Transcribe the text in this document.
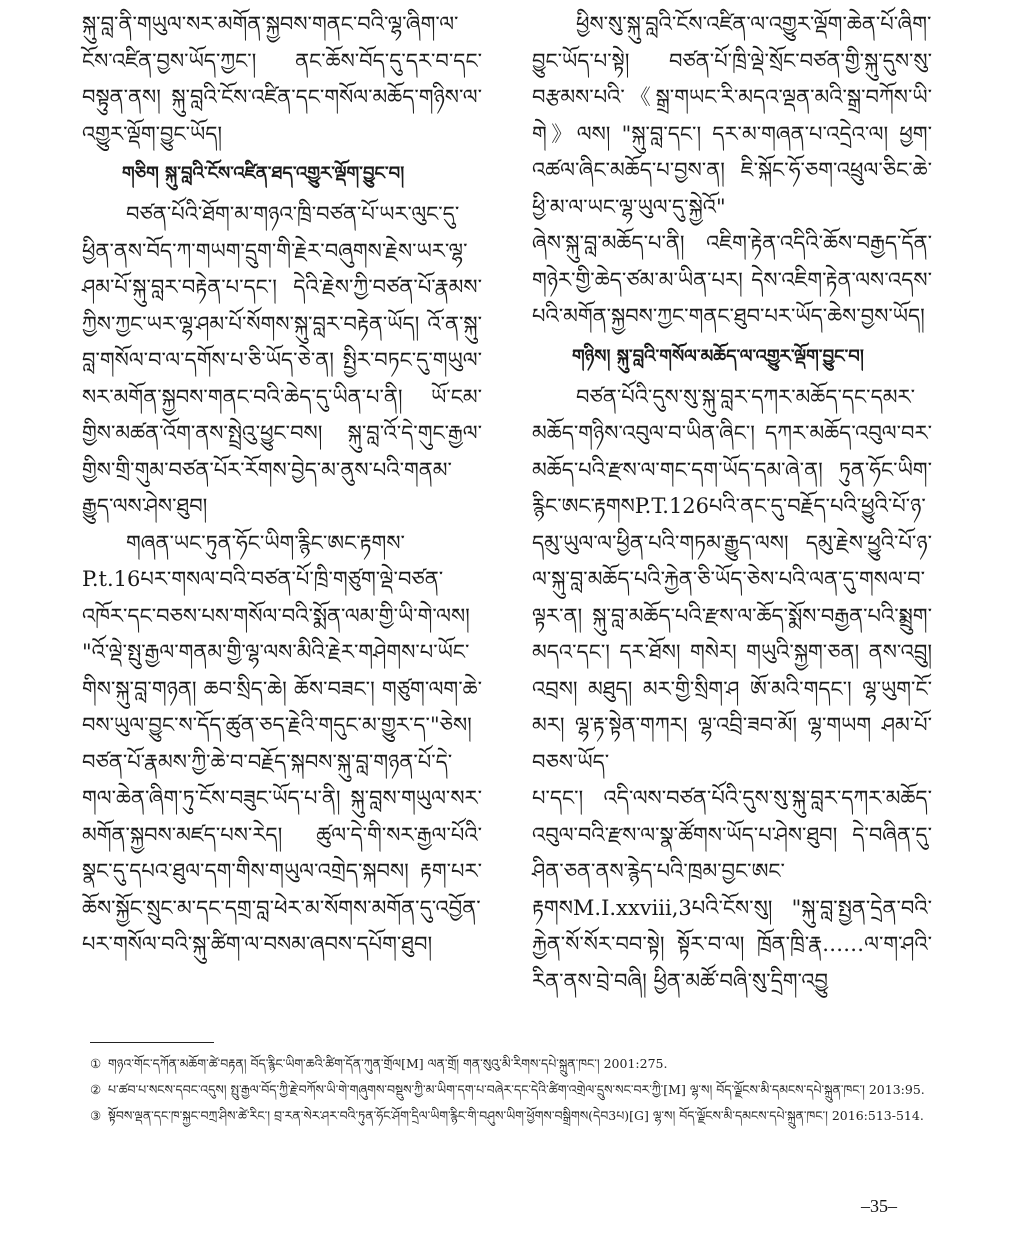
སྐུ་བླ་ནི་གཡུལ་སར་མགོན་སྐྱབས་གནང་བའི་ལྷ་ཞིག་ལ་ངོས་འཛིན་བྱས་ཡོད་ཀྱང་། ནང་ཆོས་བོད་དུ་དར་བ་དང་བསྟུན་ནས། སྐུ་བླའི་ངོས་འཛིན་དང་གསོལ་མཆོད་གཉིས་ལ་འགྱུར་ལྡོག་བྱུང་ཡོད།

གཅིག སྐུ་བླའི་ངོས་འཛིན་ཐད་འགྱུར་ལྡོག་བྱུང་བ།

བཙན་པོའི་ཐོག་མ་གཉའ་ཁྲི་བཙན་པོ་ཡར་ལུང་དུ་ཕྱིན་ནས་བོད་ཀ་གཡག་དྲུག་གི་རྗེར་བཞུགས་རྗེས་ཡར་ལྷ་ཤམ་པོ་སྐུ་བླར་བརྟེན་པ་དང་། དེའི་རྗེས་ཀྱི་བཙན་པོ་རྣམས་ཀྱིས་ཀྱང་ཡར་ལྷ་ཤམ་པོ་སོགས་སྐུ་བླར་བརྟེན་ཡོད། འོ་ན་སྐུ་བླ་གསོལ་བ་ལ་དགོས་པ་ཅི་ཡོད་ཅེ་ན། སྤྱིར་བཏང་དུ་གཡུལ་སར་མགོན་སྐྱབས་གནང་བའི་ཆེད་དུ་ཡིན་པ་ནི། ཡོ་ངམ་གྱིས་མཚན་འོག་ནས་སྤྲེའུ་ཕྱུང་བས། སྐུ་བླ་འོ་དེ་གུང་རྒྱལ་གྱིས་གྲི་གུམ་བཙན་པོར་རོགས་བྱེད་མ་ནུས་པའི་གནམ་རྒྱུད་ལས་ཤེས་ཐུབ།

གཞན་ཡང་ཏུན་ཧོང་ཡིག་རྙིང་ཨང་རྟགས་P.t.16པར་གསལ་བའི་བཙན་པོ་ཁྲི་གཙུག་ལྡེ་བཙན་འཁོར་དང་བཅས་པས་གསོལ་བའི་སྨོན་ལམ་གྱི་ཡི་གེ་ལས། "འོ་ལྡེ་སྤུ་རྒྱལ་གནམ་གྱི་ལྷ་ལས་མིའི་རྗེར་གཤེགས་པ་ཡོང་གིས་སྐུ་བླ་གཉན། ཆབ་སྲིད་ཆེ། ཆོས་བཟང་། གཙུག་ལག་ཆེ་བས་ཡུལ་བྱུང་ས་དོད་ཚུན་ཅད་རྗེའི་གདུང་མ་གྱུར་ད་"ཅེས། བཙན་པོ་རྣམས་ཀྱི་ཆེ་བ་བརྗོད་སྐབས་སྐུ་བླ་གཉན་པོ་དེ་གལ་ཆེན་ཞིག་ཏུ་ངོས་བཟུང་ཡོད་པ་ནི། སྐུ་བླས་གཡུལ་སར་མགོན་སྐྱབས་མཛད་པས་རེད། ཚུལ་དེ་གི་སར་རྒྱལ་པོའི་སྣང་དུ་དཔའ་ཐུལ་དག་གིས་གཡུལ་འགྲེད་སྐབས། རྟག་པར་ཆོས་སྐྱོང་སྲུང་མ་དང་དགྲ་བླ་ཕེར་མ་སོགས་མགོན་དུ་འབྱོན་པར་གསོལ་བའི་སྐུ་ཚིག་ལ་བསམ་ཞབས་དཔོག་ཐུབ།

ཕྱིས་སུ་སྐུ་བླའི་ངོས་འཛིན་ལ་འགྱུར་ལྡོག་ཆེན་པོ་ཞིག་བྱུང་ཡོད་པ་སྟེ། བཙན་པོ་ཁྲི་ལྡེ་སྲོང་བཙན་གྱི་སྐུ་དུས་སུ་བརྩམས་པའི་《སྒྲ་གཡང་རི་མདའ་ལྡན་མའི་སྒྲ་བཀོས་ཡི་གེ》ལས། "སྐུ་བླ་དང་། དར་མ་གཞན་པ་འདྲེའ་ལ། ཕྱག་འཚལ་ཞིང་མཆོད་པ་བྱས་ན། ཇི་སྐོང་ཧོ་ཅག་འཕྲུལ་ཅིང་ཆེ་ཕྱི་མ་ལ་ཡང་ལྷ་ཡུལ་དུ་སྐྱེའོ"

ཞེས་སྐུ་བླ་མཆོད་པ་ནི། འཇིག་རྟེན་འདིའི་ཆོས་བརྒྱད་དོན་གཉེར་གྱི་ཆེད་ཙམ་མ་ཡིན་པར། དེས་འཇིག་རྟེན་ལས་འདས་པའི་མགོན་སྐྱབས་ཀྱང་གནང་ཐུབ་པར་ཡོད་ཆེས་བྱས་ཡོད།

གཉིས། སྐུ་བླའི་གསོལ་མཆོད་ལ་འགྱུར་ལྡོག་བྱུང་བ།

བཙན་པོའི་དུས་སུ་སྐུ་བླར་དཀར་མཆོད་དང་དམར་མཆོད་གཉིས་འབུལ་བ་ཡིན་ཞིང་། དཀར་མཆོད་འབུལ་བར་མཆོད་པའི་རྫས་ལ་གང་དག་ཡོད་དམ་ཞེ་ན། ཏུན་ཧོང་ཡིག་རྙིང་ཨང་རྟགསP.T.126པའི་ནང་དུ་བརྗོད་པའི་ཕྱུའི་པོ་ཉ་དམུ་ཡུལ་ལ་ཕྱིན་པའི་གཏམ་རྒྱུད་ལས། དམུ་རྗེས་ཕྱུའི་པོ་ཉ་ལ་སྐུ་བླ་མཆོད་པའི་རྐྱེན་ཅི་ཡོད་ཅེས་པའི་ལན་དུ་གསལ་བ་ལྟར་ན། སྐུ་བླ་མཆོད་པའི་རྫས་ལ་ཆོད་སྨོས་བརྒྱན་པའི་སྨྲུག་མདའ་དང་། དར་ཐོས། གསེར། གཡུའི་སྐྱག་ཅན། ནས་འབྲུ། འབྲས། མཐུད། མར་གྱི་སྲིག་ཤ ཨོ་མའི་གདང་། ལྷ་ཡུག་ངོ་མར། ལྷ་རྟ་སྟེན་གཀར། ལྷ་འབྲི་ཟབ་མོ། ལྷ་གཡག ཤམ་པོ་བཅས་ཡོད་

པ་དང་། འདི་ལས་བཙན་པོའི་དུས་སུ་སྐུ་བླར་དཀར་མཆོད་འབུལ་བའི་རྫས་ལ་སྣ་ཚོགས་ཡོད་པ་ཤེས་ཐུབ། དེ་བཞིན་དུ་ཤིན་ཅན་ནས་རྙེད་པའི་ཁྲམ་བྱང་ཨང་རྟགསM.I.xxviii,3པའི་ངོས་སུ། "སྐུ་བླ་སྤྱན་དྲེན་བའི་རྐྱེན་སོ་སོར་བབ་སྟེ། སྟོར་བ་ལ། ཁྲོན་ཁྲི་རྣ……ལ་ག་ཤའི་རིན་ནས་བྲེ་བཞི། ཕྱིན་མཚོ་བཞི་སུ་དྲིག་འབྱུ

① གཉའ་གོང་དཀོན་མཆོག་ཚེ་བརྟན། བོད་རྙིང་ཡིག་ཆའི་ཚིག་དོན་ཀུན་གྲོལ[M] ལན་གྲོ། གན་སུའུ་མི་རིགས་དཔེ་སྐྲུན་ཁང་། 2001:275.

② པ་ཚབ་པ་སངས་དབང་འདུས། སྤུ་རྒྱལ་བོད་ཀྱི་རྗེ་བཀོས་ཡི་གེ་གཞུགས་བསྡུས་ཀྱི་མ་ཡིག་དག་པ་བཞེར་དང་དེའི་ཚིག་འགྲེལ་དྲུས་སང་བར་ཀྱི་[M] ལྷ་ས། བོད་ལྗོངས་མི་དམངས་དཔེ་སྐྲུན་ཁང་། 2013:95.

③ སྟོབས་ལྡན་དང་ཁ་སྐྱང་བཀྲ་ཤིས་ཚེ་རིང་། བྲ་རན་སེར་ཤར་བའི་ཏུན་ཧོང་ཤོག་དྲིལ་ཡིག་རྙིང་གི་བཤུས་ཡིག་ཕྱོགས་བསྒྲིགས(དེབ3པ)[G] ལྷ་ས། བོད་ལྗོངས་མི་དམངས་དཔེ་སྐྲུན་ཁང་། 2016:513-514.

–35–
